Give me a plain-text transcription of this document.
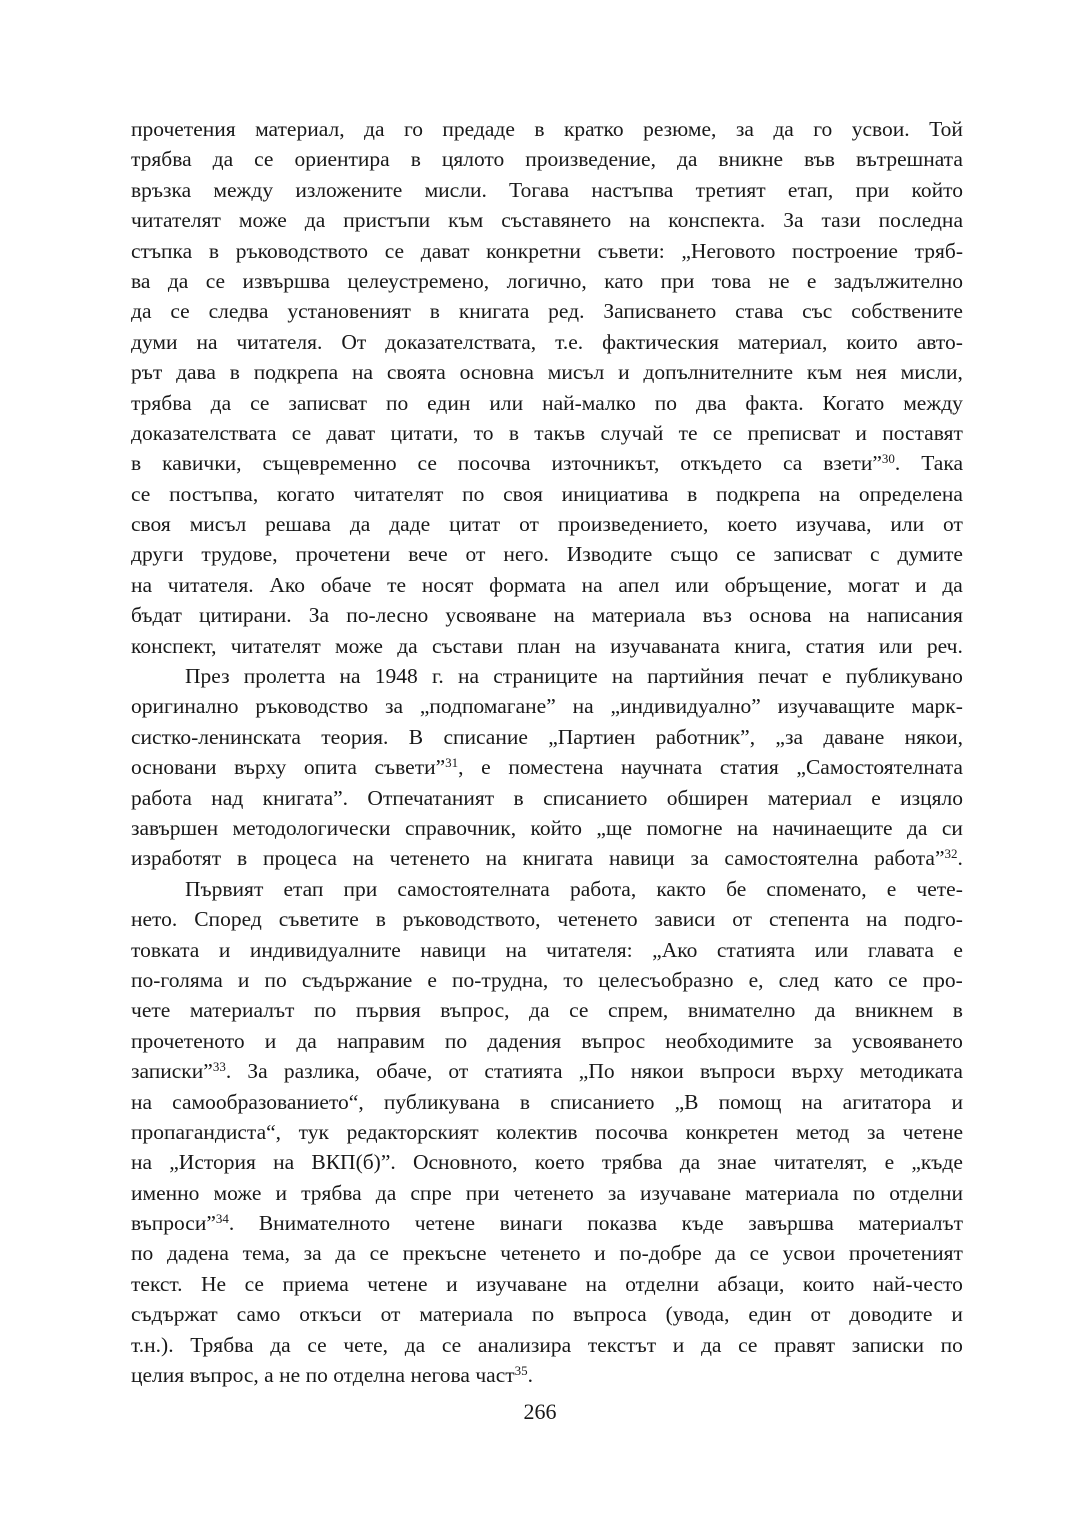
прочетения материал, да го предаде в кратко резюме, за да го усвои. Той
трябва да се ориентира в цялото произведение, да вникне във вътрешната
връзка между изложените мисли. Тогава настъпва третият етап, при който
читателят може да пристъпи към съставянето на конспекта. За тази последна
стъпка в ръководството се дават конкретни съвети: „Неговото построение тряб-
ва да се извършва целеустремено, логично, като при това не е задължително
да се следва установеният в книгата ред. Записването става със собствените
думи на читателя. От доказателствата, т.е. фактическия материал, които авто-
рът дава в подкрепа на своята основна мисъл и допълнителните към нея мисли,
трябва да се записват по един или най-малко по два факта. Когато между
доказателствата се дават цитати, то в такъв случай те се преписват и поставят
в кавички, същевременно се посочва източникът, откъдето са взети”$^{30}$. Така
се постъпва, когато читателят по своя инициатива в подкрепа на определена
своя мисъл решава да даде цитат от произведението, което изучава, или от
други трудове, прочетени вече от него. Изводите също се записват с думите
на читателя. Ако обаче те носят формата на апел или обръщение, могат и да
бъдат цитирани. За по-лесно усвояване на материала въз основа на написания
конспект, читателят може да състави план на изучаваната книга, статия или реч.
През пролетта на 1948 г. на страниците на партийния печат е публикувано
оригинално ръководство за „подпомагане” на „индивидуално” изучаващите марк-
систко-ленинската теория. В списание „Партиен работник”, „за даване някои,
основани върху опита съвети”$^{31}$, е поместена научната статия „Самостоятелната
работа над книгата”. Отпечатаният в списанието обширен материал е изцяло
завършен методологически справочник, който „ще помогне на начинаещите да си
изработят в процеса на четенето на книгата навици за самостоятелна работа”$^{32}$.
Първият етап при самостоятелната работа, както бе споменато, е чете-
нето. Според съветите в ръководството, четенето зависи от степента на подго-
товката и индивидуалните навици на читателя: „Ако статията или главата е
по-голяма и по съдържание е по-трудна, то целесъобразно е, след като се про-
чете материалът по първия въпрос, да се спрем, внимателно да вникнем в
прочетеното и да направим по дадения въпрос необходимите за усвояването
записки”$^{33}$. За разлика, обаче, от статията „По някои въпроси върху методиката
на самообразованието“, публикувана в списанието „В помощ на агитатора и
пропагандиста“, тук редакторският колектив посочва конкретен метод за четене
на „История на ВКП(б)”. Основното, което трябва да знае читателят, е „къде
именно може и трябва да спре при четенето за изучаване материала по отделни
въпроси”$^{34}$. Внимателното четене винаги показва къде завършва материалът
по дадена тема, за да се прекъсне четенето и по-добре да се усвои прочетеният
текст. Не се приема четене и изучаване на отделни абзаци, които най-често
съдържат само откъси от материала по въпроса (увода, един от доводите и
т.н.). Трябва да се чете, да се анализира текстът и да се правят записки по
целия въпрос, а не по отделна негова част$^{35}$.
266
